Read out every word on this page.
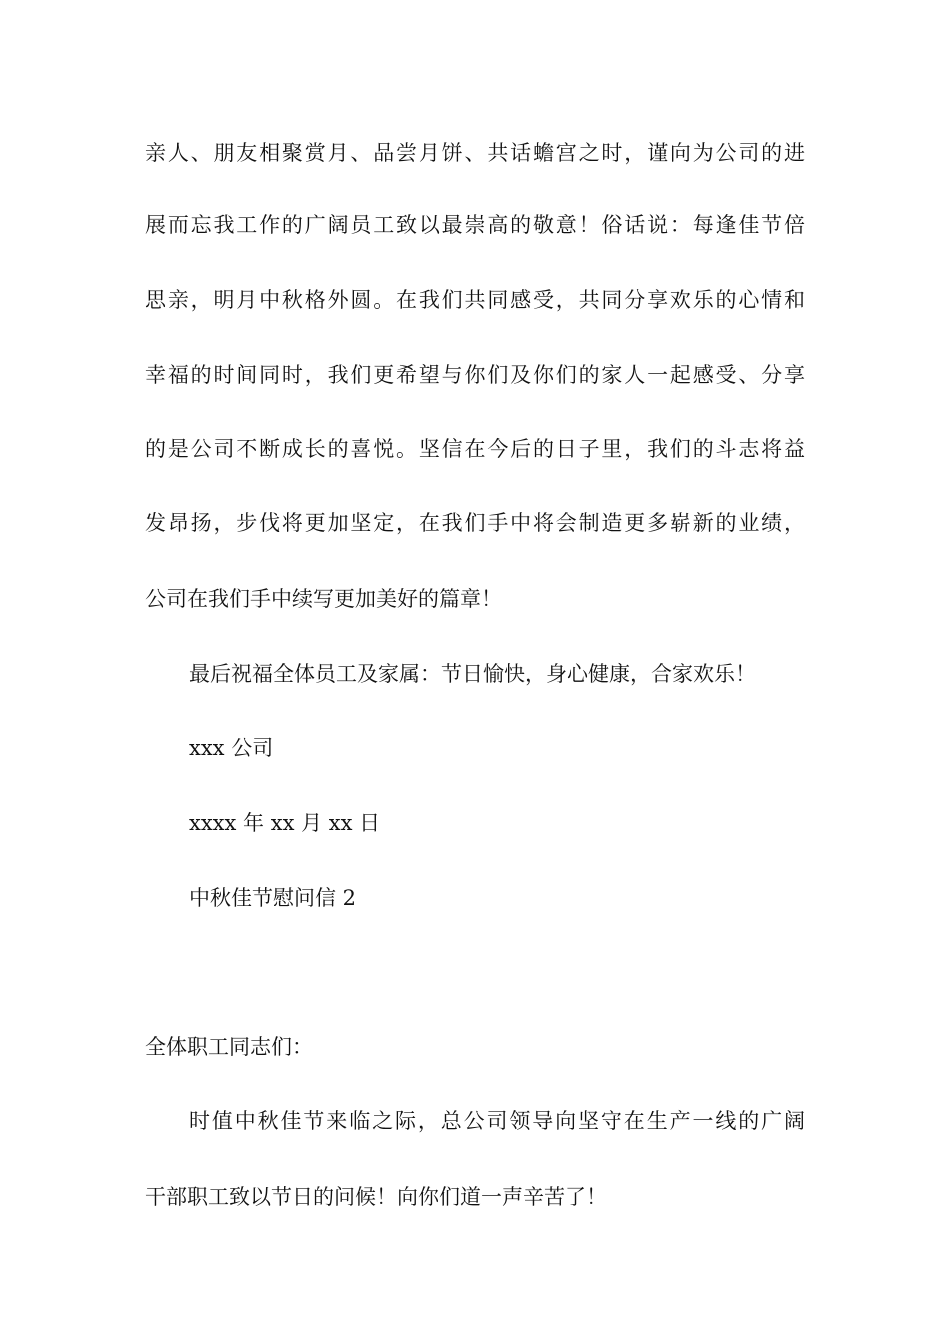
亲人、朋友相聚赏月、品尝月饼、共话蟾宫之时，谨向为公司的进
展而忘我工作的广阔员工致以最崇高的敬意！俗话说：每逢佳节倍
思亲，明月中秋格外圆。在我们共同感受，共同分享欢乐的心情和
幸福的时间同时，我们更希望与你们及你们的家人一起感受、分享
的是公司不断成长的喜悦。坚信在今后的日子里，我们的斗志将益
发昂扬，步伐将更加坚定，在我们手中将会制造更多崭新的业绩，
公司在我们手中续写更加美好的篇章！
最后祝福全体员工及家属：节日愉快，身心健康，合家欢乐！
xxx 公司
xxxx 年 xx 月 xx 日
中秋佳节慰问信 2
全体职工同志们：
时值中秋佳节来临之际，总公司领导向坚守在生产一线的广阔
干部职工致以节日的问候！向你们道一声辛苦了！
